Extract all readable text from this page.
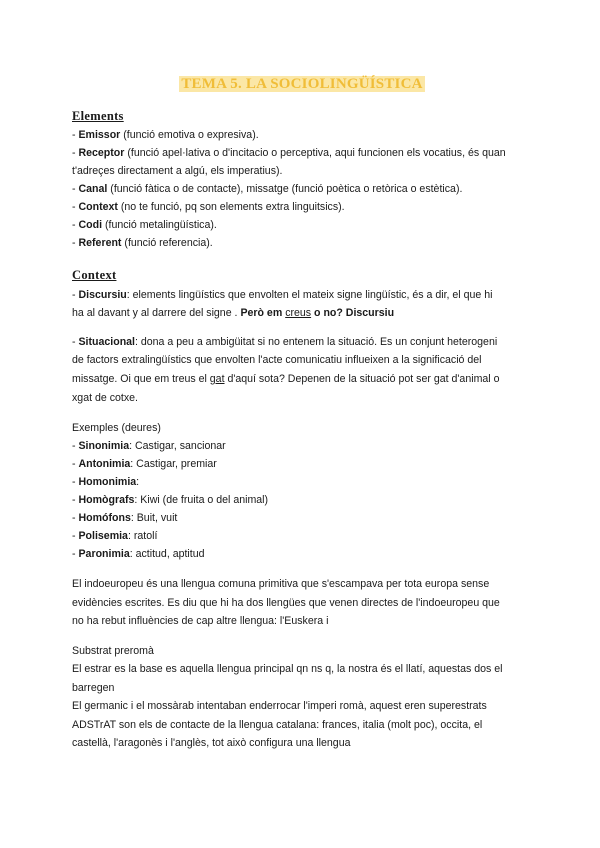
TEMA 5. LA SOCIOLINGÜÍSTICA
Elements
- Emissor (funció emotiva o expresiva).
- Receptor (funció apel·lativa o d'incitacio o perceptiva, aqui funcionen els vocatius, és quan
t'adreçes directament a algú, els imperatius).
- Canal (funció fàtica o de contacte), missatge (funció poètica o retòrica o estètica).
- Context (no te funció, pq son elements extra linguitsics).
- Codi (funció metalingüística).
- Referent (funció referencia).
Context
- Discursiu: elements lingüístics que envolten el mateix signe lingüístic, és a dir, el que hi
ha al davant y al darrere del signe . Però em creus o no? Discursiu
- Situacional: dona a peu a ambigüitat si no entenem la situació. Es un conjunt heterogeni
de factors extralingüístics que envolten l'acte comunicatiu influeixen a la significació del
missatge. Oi que em treus el gat d'aquí sota? Depenen de la situació pot ser gat d'animal o
xgat de cotxe.
Exemples (deures)
- Sinonimia: Castigar, sancionar
- Antonimia: Castigar, premiar
- Homonimia:
- Homògrafs: Kiwi (de fruita o del animal)
- Homófons: Buit, vuit
- Polisemia: ratolí
- Paronimia: actitud, aptitud
El indoeuropeu és una llengua comuna primitiva que s'escampava per tota europa sense
evidències escrites. Es diu que hi ha dos llengües que venen directes de l'indoeuropeu que
no ha rebut influències de cap altre llengua: l'Euskera i
Substrat preromà
El estrar es la base es aquella llengua principal qn ns q, la nostra és el llatí, aquestas dos el
barregen
El germanic i el mossàrab intentaban enderrocar l'imperi romà, aquest eren superestrats
ADSTrAT son els de contacte de la llengua catalana: frances, italia (molt poc), occita, el
castellà, l'aragonès i l'anglès, tot això configura una llengua
